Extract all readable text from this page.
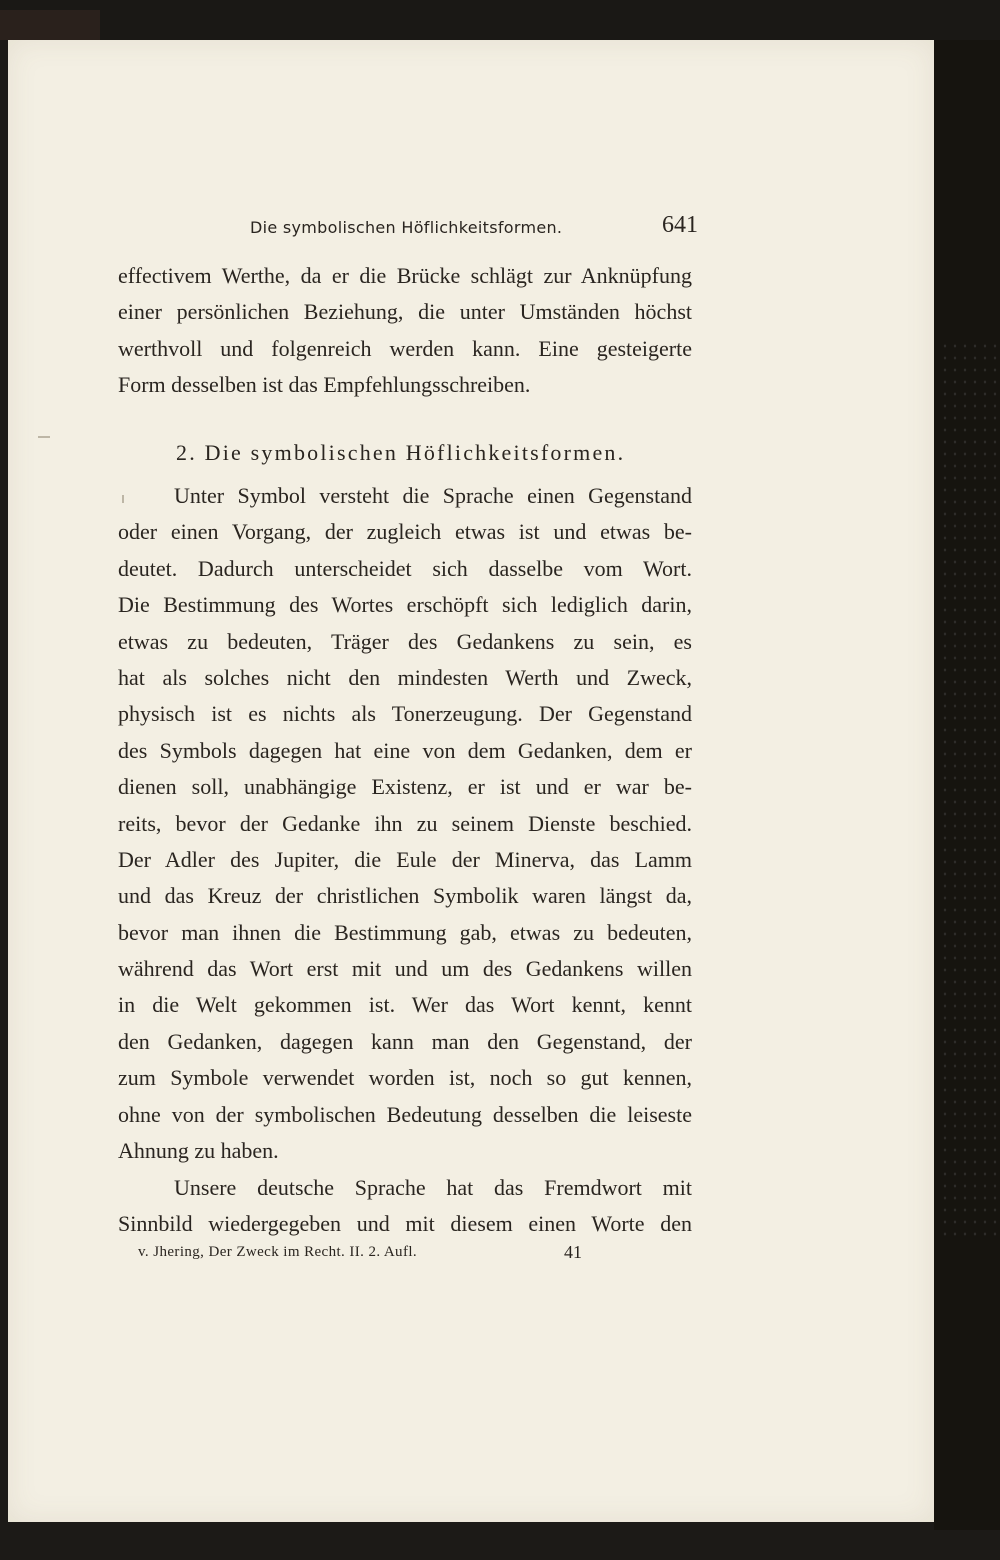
Die symbolischen Höflichkeitsformen.	641
effectivem Werthe, da er die Brücke schlägt zur Anknüpfung
einer persönlichen Beziehung, die unter Umständen höchst
werthvoll und folgenreich werden kann. Eine gesteigerte
Form desselben ist das Empfehlungsschreiben.
2. Die symbolischen Höflichkeitsformen.
Unter Symbol versteht die Sprache einen Gegenstand
oder einen Vorgang, der zugleich etwas ist und etwas be-
deutet. Dadurch unterscheidet sich dasselbe vom Wort.
Die Bestimmung des Wortes erschöpft sich lediglich darin,
etwas zu bedeuten, Träger des Gedankens zu sein, es
hat als solches nicht den mindesten Werth und Zweck,
physisch ist es nichts als Tonerzeugung. Der Gegenstand
des Symbols dagegen hat eine von dem Gedanken, dem er
dienen soll, unabhängige Existenz, er ist und er war be-
reits, bevor der Gedanke ihn zu seinem Dienste beschied.
Der Adler des Jupiter, die Eule der Minerva, das Lamm
und das Kreuz der christlichen Symbolik waren längst da,
bevor man ihnen die Bestimmung gab, etwas zu bedeuten,
während das Wort erst mit und um des Gedankens willen
in die Welt gekommen ist. Wer das Wort kennt, kennt
den Gedanken, dagegen kann man den Gegenstand, der
zum Symbole verwendet worden ist, noch so gut kennen,
ohne von der symbolischen Bedeutung desselben die leiseste
Ahnung zu haben.
Unsere deutsche Sprache hat das Fremdwort mit
Sinnbild wiedergegeben und mit diesem einen Worte den
v. Jhering, Der Zweck im Recht. II. 2. Aufl.	41
